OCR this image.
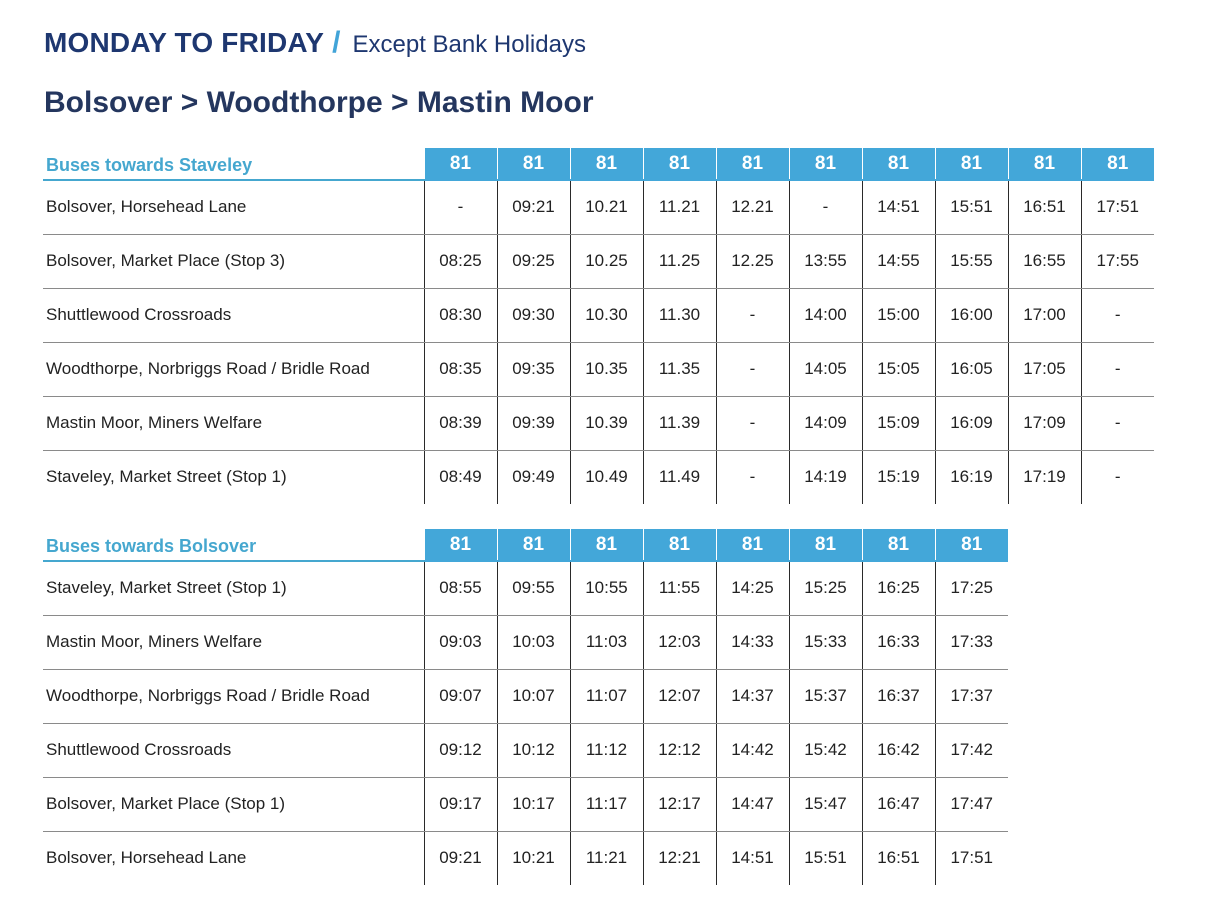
MONDAY TO FRIDAY / Except Bank Holidays
Bolsover > Woodthorpe > Mastin Moor
Buses towards Staveley	81	81	81	81	81	81	81	81	81	81
Bolsover, Horsehead Lane	-	09:21	10.21	11.21	12.21	-	14:51	15:51	16:51	17:51
Bolsover, Market Place (Stop 3)	08:25	09:25	10.25	11.25	12.25	13:55	14:55	15:55	16:55	17:55
Shuttlewood Crossroads	08:30	09:30	10.30	11.30	-	14:00	15:00	16:00	17:00	-
Woodthorpe, Norbriggs Road / Bridle Road	08:35	09:35	10.35	11.35	-	14:05	15:05	16:05	17:05	-
Mastin Moor, Miners Welfare	08:39	09:39	10.39	11.39	-	14:09	15:09	16:09	17:09	-
Staveley, Market Street (Stop 1)	08:49	09:49	10.49	11.49	-	14:19	15:19	16:19	17:19	-
Buses towards Bolsover	81	81	81	81	81	81	81	81
Staveley, Market Street (Stop 1)	08:55	09:55	10:55	11:55	14:25	15:25	16:25	17:25
Mastin Moor, Miners Welfare	09:03	10:03	11:03	12:03	14:33	15:33	16:33	17:33
Woodthorpe, Norbriggs Road / Bridle Road	09:07	10:07	11:07	12:07	14:37	15:37	16:37	17:37
Shuttlewood Crossroads	09:12	10:12	11:12	12:12	14:42	15:42	16:42	17:42
Bolsover, Market Place (Stop 1)	09:17	10:17	11:17	12:17	14:47	15:47	16:47	17:47
Bolsover, Horsehead Lane	09:21	10:21	11:21	12:21	14:51	15:51	16:51	17:51
